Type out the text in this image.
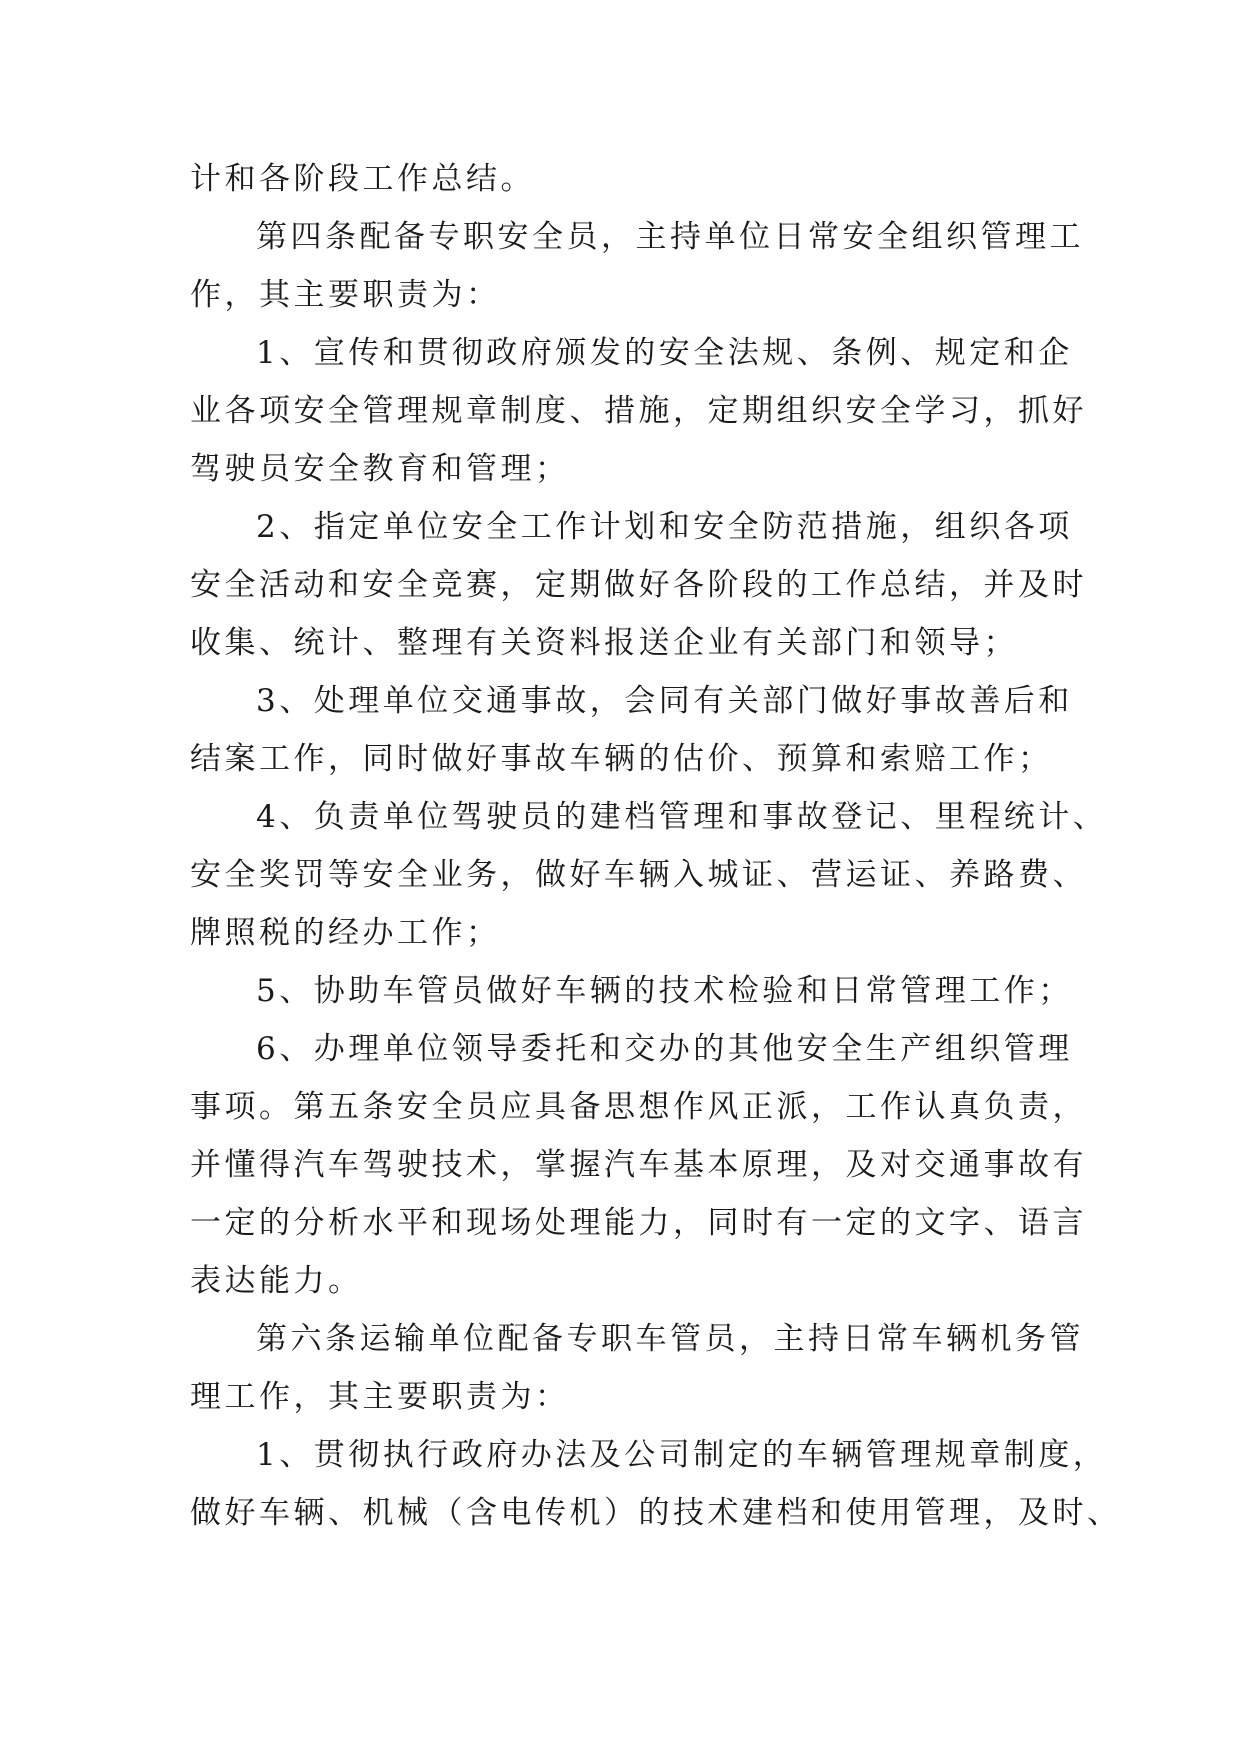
计和各阶段工作总结。
第四条配备专职安全员，主持单位日常安全组织管理工
作，其主要职责为：
1、宣传和贯彻政府颁发的安全法规、条例、规定和企
业各项安全管理规章制度、措施，定期组织安全学习，抓好
驾驶员安全教育和管理；
2、指定单位安全工作计划和安全防范措施，组织各项
安全活动和安全竞赛，定期做好各阶段的工作总结，并及时
收集、统计、整理有关资料报送企业有关部门和领导；
3、处理单位交通事故，会同有关部门做好事故善后和
结案工作，同时做好事故车辆的估价、预算和索赔工作；
4、负责单位驾驶员的建档管理和事故登记、里程统计、
安全奖罚等安全业务，做好车辆入城证、营运证、养路费、
牌照税的经办工作；
5、协助车管员做好车辆的技术检验和日常管理工作；
6、办理单位领导委托和交办的其他安全生产组织管理
事项。第五条安全员应具备思想作风正派，工作认真负责，
并懂得汽车驾驶技术，掌握汽车基本原理，及对交通事故有
一定的分析水平和现场处理能力，同时有一定的文字、语言
表达能力。
第六条运输单位配备专职车管员，主持日常车辆机务管
理工作，其主要职责为：
1、贯彻执行政府办法及公司制定的车辆管理规章制度，
做好车辆、机械（含电传机）的技术建档和使用管理，及时、
